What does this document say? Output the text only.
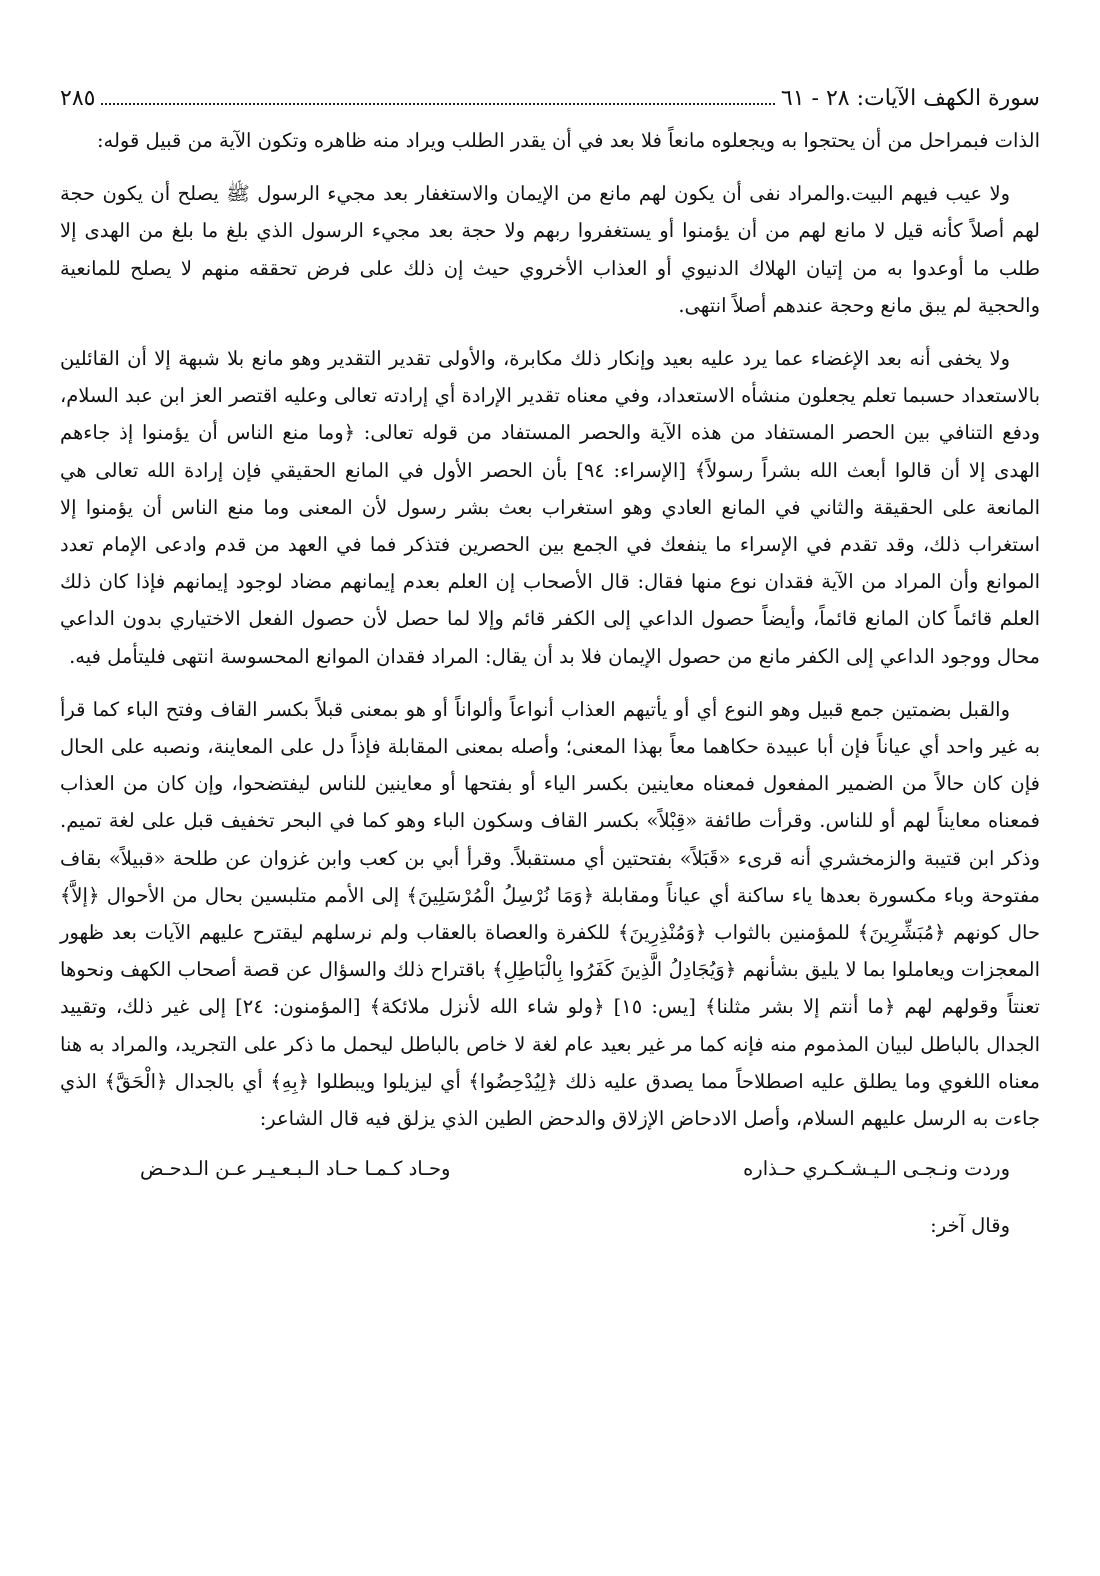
سورة الكهف الآيات: ٢٨ - ٦١
٢٨٥

الذات فبمراحل من أن يحتجوا به ويجعلوه مانعاً فلا بعد في أن يقدر الطلب ويراد منه ظاهره وتكون الآية من قبيل قوله:

ولا عيب فيهم البيت.والمراد نفى أن يكون لهم مانع من الإيمان والاستغفار بعد مجيء الرسول ﷺ يصلح أن يكون حجة لهم أصلاً كأنه قيل لا مانع لهم من أن يؤمنوا أو يستغفروا ربهم ولا حجة بعد مجيء الرسول الذي بلغ ما بلغ من الهدى إلا طلب ما أوعدوا به من إتيان الهلاك الدنيوي أو العذاب الأخروي حيث إن ذلك على فرض تحققه منهم لا يصلح للمانعية والحجية لم يبق مانع وحجة عندهم أصلاً انتهى.

ولا يخفى أنه بعد الإغضاء عما يرد عليه بعيد وإنكار ذلك مكابرة، والأولى تقدير التقدير وهو مانع بلا شبهة إلا أن القائلين بالاستعداد حسبما تعلم يجعلون منشأه الاستعداد، وفي معناه تقدير الإرادة أي إرادته تعالى وعليه اقتصر العز ابن عبد السلام، ودفع التنافي بين الحصر المستفاد من هذه الآية والحصر المستفاد من قوله تعالى: ﴿وما منع الناس أن يؤمنوا إذ جاءهم الهدى إلا أن قالوا أبعث الله بشراً رسولاً﴾ [الإسراء: ٩٤] بأن الحصر الأول في المانع الحقيقي فإن إرادة الله تعالى هي المانعة على الحقيقة والثاني في المانع العادي وهو استغراب بعث بشر رسول لأن المعنى وما منع الناس أن يؤمنوا إلا استغراب ذلك، وقد تقدم في الإسراء ما ينفعك في الجمع بين الحصرين فتذكر فما في العهد من قدم وادعى الإمام تعدد الموانع وأن المراد من الآية فقدان نوع منها فقال: قال الأصحاب إن العلم بعدم إيمانهم مضاد لوجود إيمانهم فإذا كان ذلك العلم قائماً كان المانع قائماً، وأيضاً حصول الداعي إلى الكفر قائم وإلا لما حصل لأن حصول الفعل الاختياري بدون الداعي محال ووجود الداعي إلى الكفر مانع من حصول الإيمان فلا بد أن يقال: المراد فقدان الموانع المحسوسة انتهى فليتأمل فيه.

والقبل بضمتين جمع قبيل وهو النوع أي أو يأتيهم العذاب أنواعاً وألواناً أو هو بمعنى قبلاً بكسر القاف وفتح الباء كما قرأ به غير واحد أي عياناً فإن أبا عبيدة حكاهما معاً بهذا المعنى؛ وأصله بمعنى المقابلة فإذاً دل على المعاينة، ونصبه على الحال فإن كان حالاً من الضمير المفعول فمعناه معاينين بكسر الياء أو بفتحها أو معاينين للناس ليفتضحوا، وإن كان من العذاب فمعناه معايناً لهم أو للناس. وقرأت طائفة «قِبْلاً» بكسر القاف وسكون الباء وهو كما في البحر تخفيف قبل على لغة تميم. وذكر ابن قتيبة والزمخشري أنه قرىء «قَبَلاً» بفتحتين أي مستقبلاً. وقرأ أبي بن كعب وابن غزوان عن طلحة «قبيلاً» بقاف مفتوحة وباء مكسورة بعدها ياء ساكنة أي عياناً ومقابلة ﴿وَمَا نُرْسِلُ الْمُرْسَلِينَ﴾ إلى الأمم متلبسين بحال من الأحوال ﴿إلاَّ﴾ حال كونهم ﴿مُبَشِّرِينَ﴾ للمؤمنين بالثواب ﴿وَمُنْذِرِينَ﴾ للكفرة والعصاة بالعقاب ولم نرسلهم ليقترح عليهم الآيات بعد ظهور المعجزات ويعاملوا بما لا يليق بشأنهم ﴿وَيُجَادِلُ الَّذِينَ كَفَرُوا بِالْبَاطِلِ﴾ باقتراح ذلك والسؤال عن قصة أصحاب الكهف ونحوها تعنتاً وقولهم لهم ﴿ما أنتم إلا بشر مثلنا﴾ [يس: ١٥] ﴿ولو شاء الله لأنزل ملائكة﴾ [المؤمنون: ٢٤] إلى غير ذلك، وتقييد الجدال بالباطل لبيان المذموم منه فإنه كما مر غير بعيد عام لغة لا خاص بالباطل ليحمل ما ذكر على التجريد، والمراد به هنا معناه اللغوي وما يطلق عليه اصطلاحاً مما يصدق عليه ذلك ﴿لِيُدْحِضُوا﴾ أي ليزيلوا ويبطلوا ﴿بِهِ﴾ أي بالجدال ﴿الْحَقَّ﴾ الذي جاءت به الرسل عليهم السلام، وأصل الادحاض الإزلاق والدحض الطين الذي يزلق فيه قال الشاعر:

وردت ونـجـى الـيـشـكـري حـذاره
وحـاد كـمـا حـاد الـبـعـيـر عـن الـدحـض

وقال آخر:
